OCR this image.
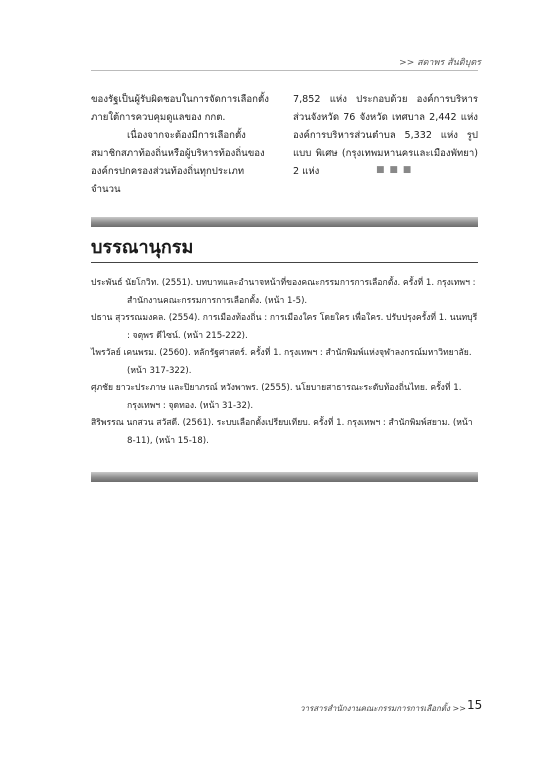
>> สดาพร สันติบุตร

ของรัฐเป็นผู้รับผิดชอบในการจัดการเลือกตั้ง ภายใต้การควบคุมดูแลของ กกต.

เนื่องจากจะต้องมีการเลือกตั้ง สมาชิกสภาท้องถิ่นหรือผู้บริหารท้องถิ่นของ องค์กรปกครองส่วนท้องถิ่นทุกประเภท จำนวน

7,852 แห่ง ประกอบด้วย องค์การบริหาร ส่วนจังหวัด 76 จังหวัด เทศบาล 2,442 แห่ง องค์การบริหารส่วนตำบล 5,332 แห่ง รูปแบบ พิเศษ (กรุงเทพมหานครและเมืองพัทยา) 2 แห่ง	■ ■ ■
บรรณานุกรม

ประพันธ์ นัยโกวิท. (2551). บทบาทและอำนาจหน้าที่ของคณะกรรมการการเลือกตั้ง. ครั้งที่ 1. กรุงเทพฯ : สำนักงานคณะกรรมการการเลือกตั้ง. (หน้า 1-5).

ปธาน สุวรรณมงคล. (2554). การเมืองท้องถิ่น : การเมืองใคร โดยใคร เพื่อใคร. ปรับปรุงครั้งที่ 1. นนทบุรี : จตุพร ดีไซน์. (หน้า 215-222).

ไพรวัลย์ เคนพรม. (2560). หลักรัฐศาสตร์. ครั้งที่ 1. กรุงเทพฯ : สำนักพิมพ์แห่งจุฬาลงกรณ์มหาวิทยาลัย. (หน้า 317-322).

ศุภชัย ยาวะประภาษ และปิยาภรณ์ หวังพาพร. (2555). นโยบายสาธารณะระดับท้องถิ่นไทย. ครั้งที่ 1. กรุงเทพฯ : จุดทอง. (หน้า 31-32).

สิริพรรณ นกสวน สวัสดี. (2561). ระบบเลือกตั้งเปรียบเทียบ. ครั้งที่ 1. กรุงเทพฯ : สำนักพิมพ์สยาม. (หน้า 8-11), (หน้า 15-18).

วารสารสำนักงานคณะกรรมการการเลือกตั้ง >> 15
